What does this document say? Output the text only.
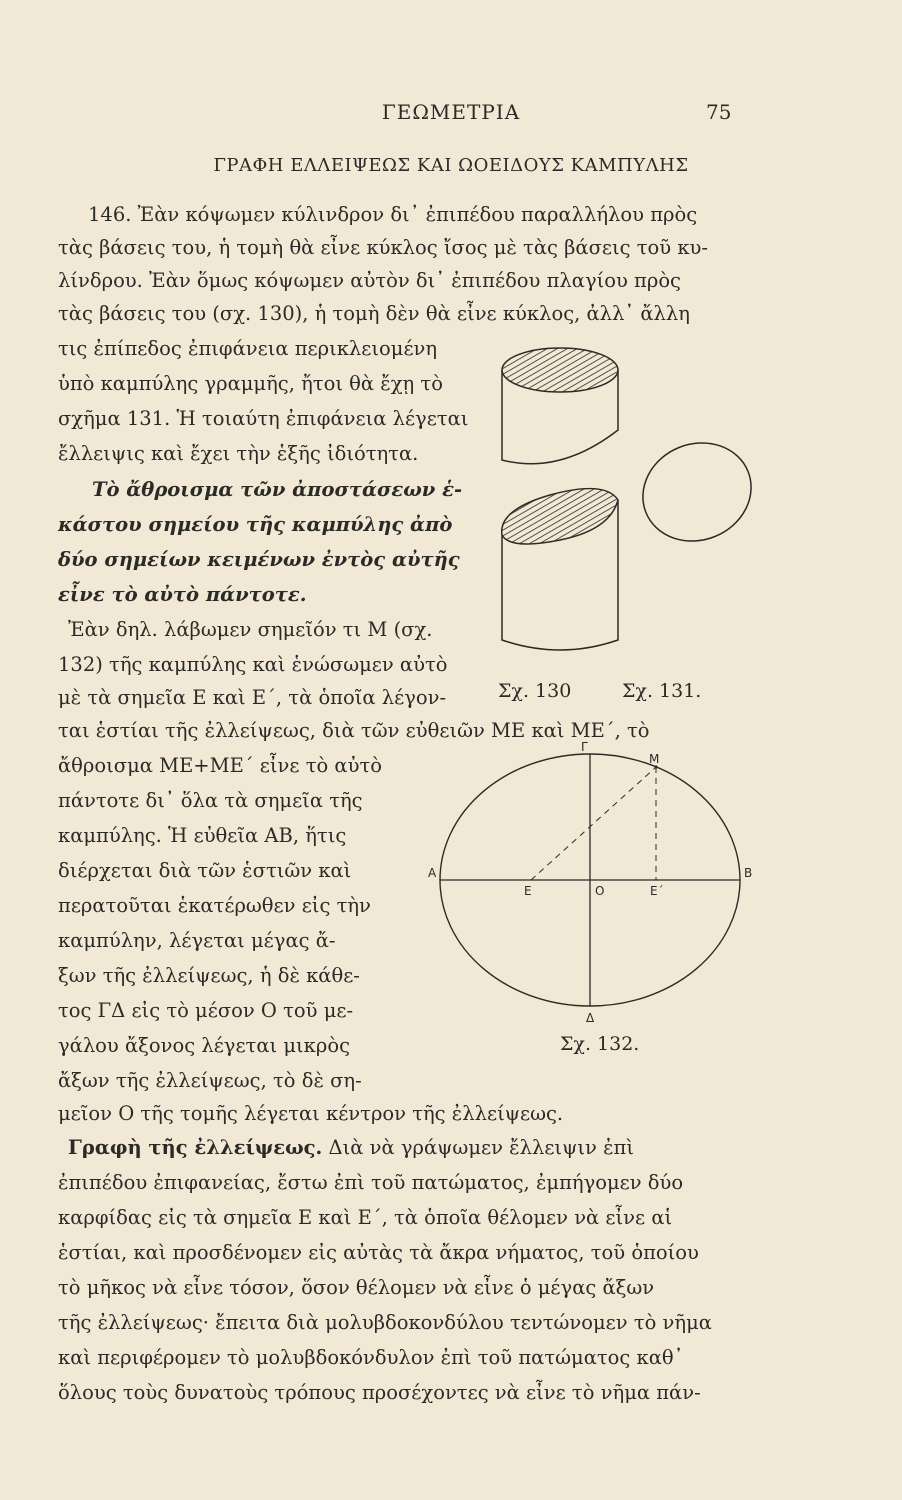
ΓΕΩΜΕΤΡΙΑ	75
ΓΡΑΦΗ ΕΛΛΕΙΨΕΩΣ ΚΑΙ ΩΟΕΙΔΟΥΣ ΚΑΜΠΥΛΗΣ
146. Ἐὰν κόψωμεν κύλινδρον δι᾽ ἐπιπέδου παραλλήλου πρὸς
τὰς βάσεις του, ἡ τομὴ θὰ εἶνε κύκλος ἴσος μὲ τὰς βάσεις τοῦ κυ-
λίνδρου. Ἐὰν ὅμως κόψωμεν αὐτὸν δι᾽ ἐπιπέδου πλαγίου πρὸς
τὰς βάσεις του (σχ. 130), ἡ τομὴ δὲν θὰ εἶνε κύκλος, ἀλλ᾽ ἄλλη
τις ἐπίπεδος ἐπιφάνεια περικλειομένη
ὑπὸ καμπύλης γραμμῆς, ἤτοι θὰ ἔχῃ τὸ
σχῆμα 131. Ἡ τοιαύτη ἐπιφάνεια λέγεται
ἔλλειψις καὶ ἔχει τὴν ἑξῆς ἰδιότητα.
Τὸ ἄθροισμα τῶν ἀποστάσεων ἑ-
κάστου σημείου τῆς καμπύλης ἀπὸ
δύο σημείων κειμένων ἐντὸς αὐτῆς
εἶνε τὸ αὐτὸ πάντοτε.
Ἐὰν δηλ. λάβωμεν σημεῖόν τι Μ (σχ.
132) τῆς καμπύλης καὶ ἑνώσωμεν αὐτὸ
μὲ τὰ σημεῖα Ε καὶ Ε΄, τὰ ὁποῖα λέγον-
ται ἑστίαι τῆς ἐλλείψεως, διὰ τῶν εὐθειῶν ΜΕ καὶ ΜΕ΄, τὸ
ἄθροισμα ΜΕ+ΜΕ΄ εἶνε τὸ αὐτὸ
πάντοτε δι᾽ ὅλα τὰ σημεῖα τῆς
καμπύλης. Ἡ εὐθεῖα ΑΒ, ἥτις
διέρχεται διὰ τῶν ἑστιῶν καὶ
περατοῦται ἑκατέρωθεν εἰς τὴν
καμπύλην, λέγεται μέγας ἄ-
ξων τῆς ἐλλείψεως, ἡ δὲ κάθε-
τος ΓΔ εἰς τὸ μέσον Ο τοῦ με-
γάλου ἄξονος λέγεται μικρὸς
ἄξων τῆς ἐλλείψεως, τὸ δὲ ση-
μεῖον Ο τῆς τομῆς λέγεται κέντρον τῆς ἐλλείψεως.
Γραφὴ τῆς ἐλλείψεως. Διὰ νὰ γράψωμεν ἔλλειψιν ἐπὶ
ἐπιπέδου ἐπιφανείας, ἔστω ἐπὶ τοῦ πατώματος, ἐμπήγομεν δύο
καρφίδας εἰς τὰ σημεῖα Ε καὶ Ε΄, τὰ ὁποῖα θέλομεν νὰ εἶνε αἱ
ἑστίαι, καὶ προσδένομεν εἰς αὐτὰς τὰ ἄκρα νήματος, τοῦ ὁποίου
τὸ μῆκος νὰ εἶνε τόσον, ὅσον θέλομεν νὰ εἶνε ὁ μέγας ἄξων
τῆς ἐλλείψεως· ἔπειτα διὰ μολυβδοκονδύλου τεντώνομεν τὸ νῆμα
καὶ περιφέρομεν τὸ μολυβδοκόνδυλον ἐπὶ τοῦ πατώματος καθ᾽
ὅλους τοὺς δυνατοὺς τρόπους προσέχοντες νὰ εἶνε τὸ νῆμα πάν-
Σχ. 130	Σχ. 131.
Γ
Μ
Α	Β
Ε	Ο	Ε΄
Δ
Σχ. 132.
